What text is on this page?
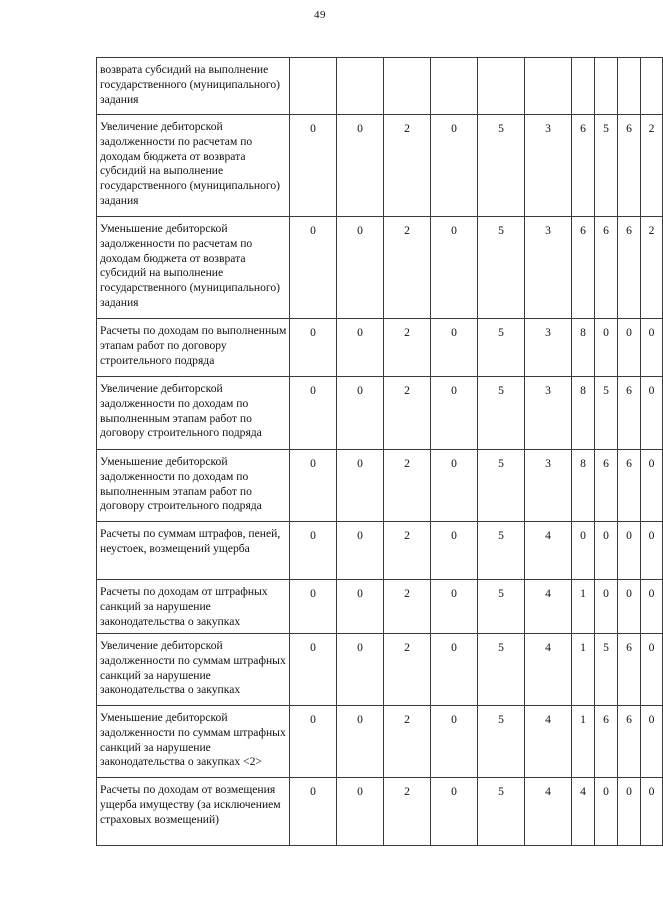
49
возврата субсидий на выполнение государственного (муниципального) задания										
Увеличение дебиторской задолженности по расчетам по доходам бюджета от возврата субсидий на выполнение государственного (муниципального) задания	0	0	2	0	5	3	6	5	6	2
Уменьшение дебиторской задолженности по расчетам по доходам бюджета от возврата субсидий на выполнение государственного (муниципального) задания	0	0	2	0	5	3	6	6	6	2
Расчеты по доходам по выполненным этапам работ по договору строительного подряда	0	0	2	0	5	3	8	0	0	0
Увеличение дебиторской задолженности по доходам по выполненным этапам работ по договору строительного подряда	0	0	2	0	5	3	8	5	6	0
Уменьшение дебиторской задолженности по доходам по выполненным этапам работ по договору строительного подряда	0	0	2	0	5	3	8	6	6	0
Расчеты по суммам штрафов, пеней, неустоек, возмещений ущерба	0	0	2	0	5	4	0	0	0	0
Расчеты по доходам от штрафных санкций за нарушение законодательства о закупках	0	0	2	0	5	4	1	0	0	0
Увеличение дебиторской задолженности по суммам штрафных санкций за нарушение законодательства о закупках	0	0	2	0	5	4	1	5	6	0
Уменьшение дебиторской задолженности по суммам штрафных санкций за нарушение законодательства о закупках <2>	0	0	2	0	5	4	1	6	6	0
Расчеты по доходам от возмещения ущерба имуществу (за исключением страховых возмещений)	0	0	2	0	5	4	4	0	0	0
